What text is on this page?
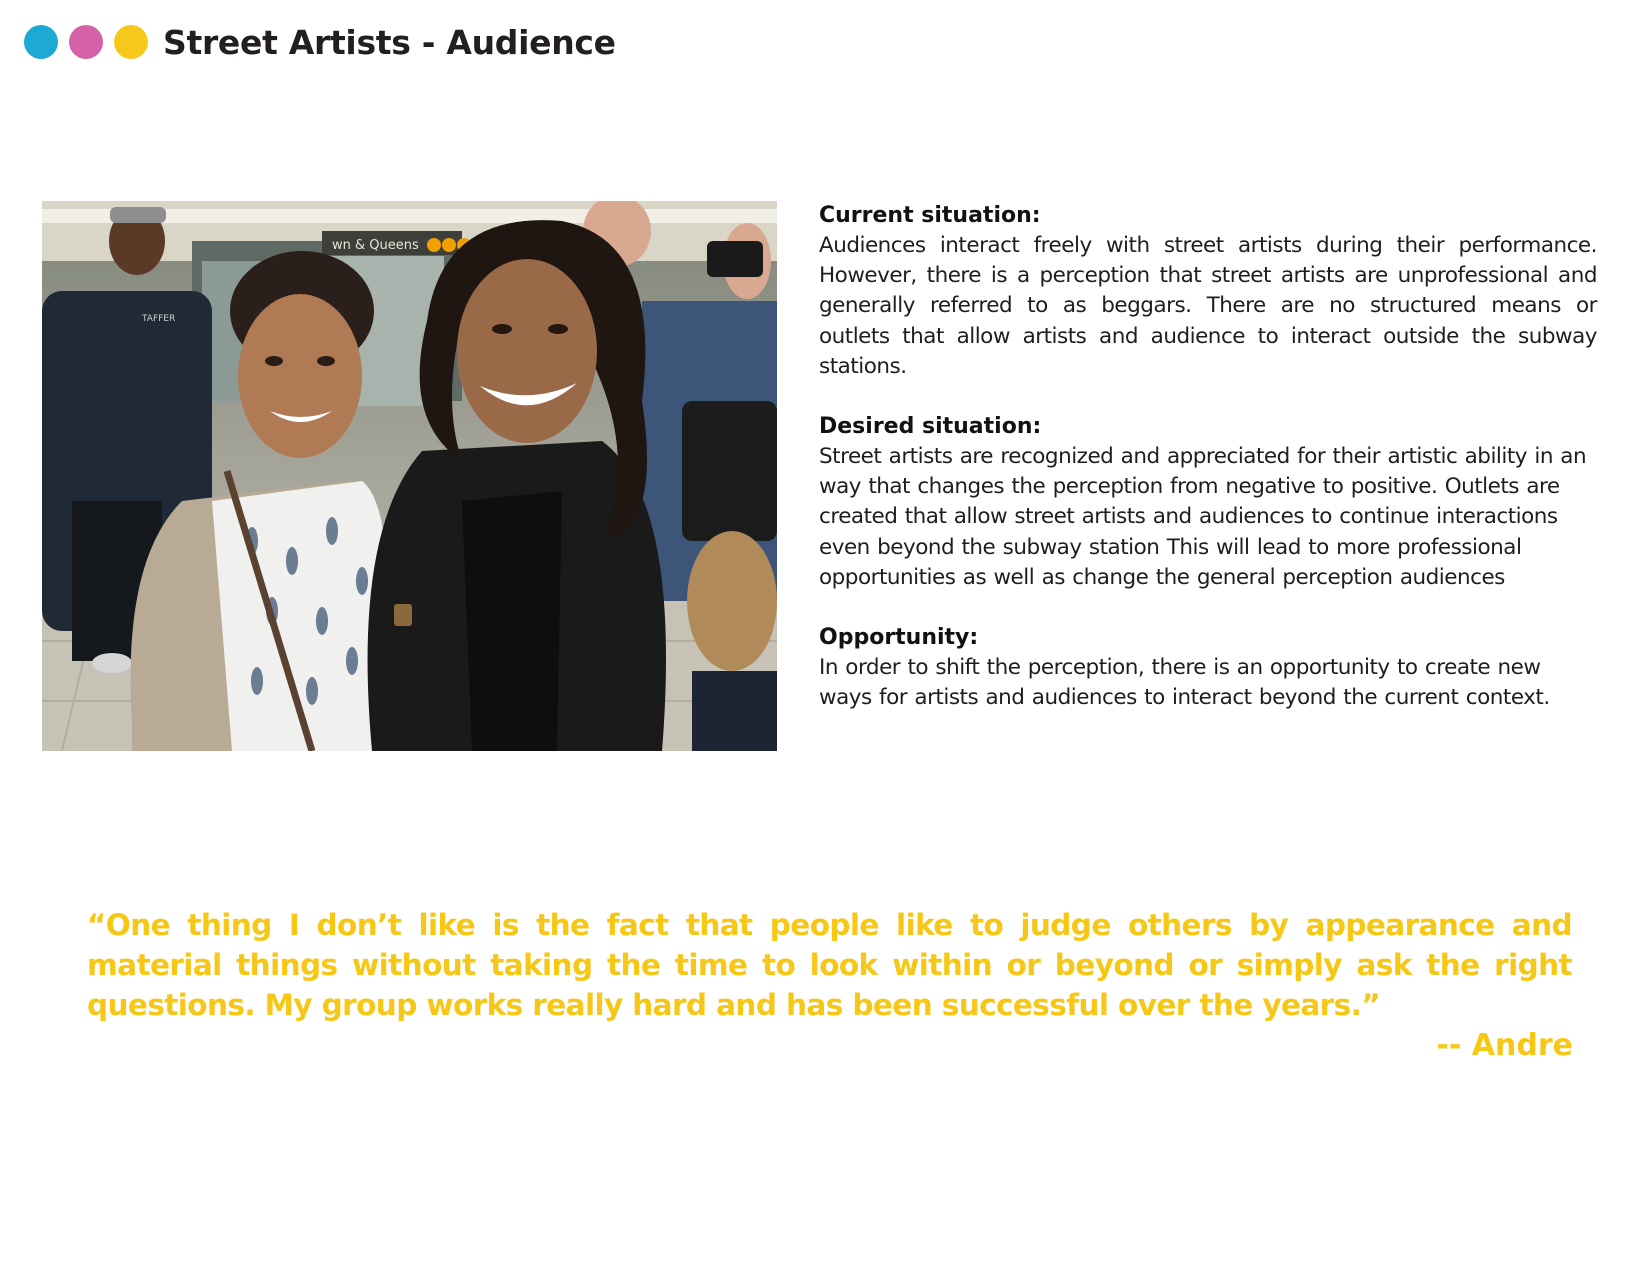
Street Artists - Audience
wn & Queens
TAFFER
Current situation:

Audiences interact freely with street artists during their performance. However, there is a perception that street artists are unprofessional and generally referred to as beggars. There are no structured means or outlets that allow artists and audience to interact outside the subway stations.

Desired situation:

Street artists are recognized and appreciated for their artistic ability in an way that changes the perception from negative to positive. Outlets are created that allow street artists and audiences to continue interactions even beyond the subway station This will lead to more professional opportunities as well as change the general perception audiences

Opportunity:

In order to shift the perception, there is an opportunity to create new ways for artists and audiences to interact beyond the current context.

“One thing I don’t like is the fact that people like to judge others by appearance and material things without taking the time to look within or beyond or simply ask the right questions. My group works really hard and has been successful over the years.”
-- Andre
